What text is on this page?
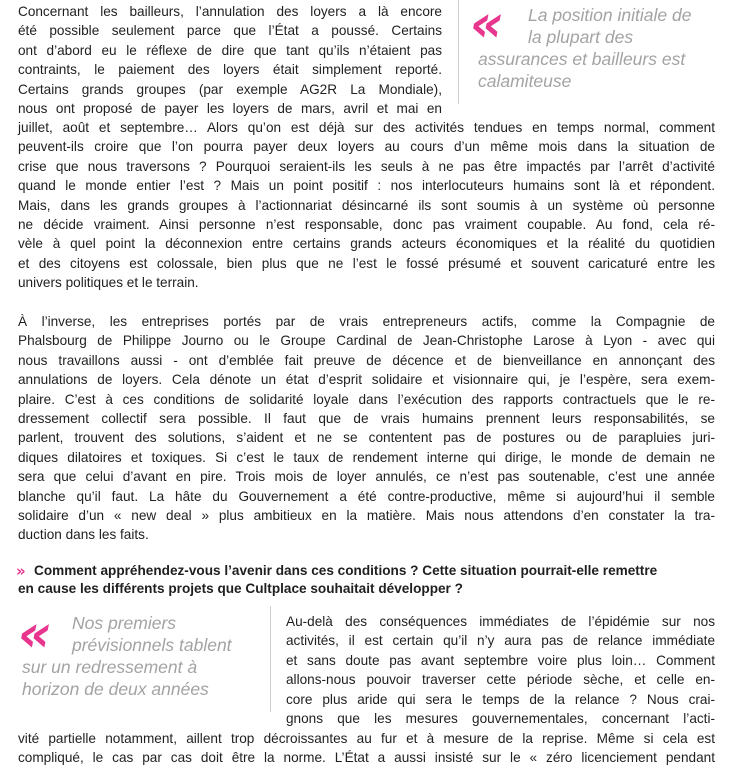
Concernant les bailleurs, l’annulation des loyers a là encore
été possible seulement parce que l’État a poussé. Certains
ont d’abord eu le réflexe de dire que tant qu’ils n’étaient pas
contraints, le paiement des loyers était simplement reporté.
Certains grands groupes (par exemple AG2R La Mondiale),
nous ont proposé de payer les loyers de mars, avril et mai en
juillet, août et septembre… Alors qu’on est déjà sur des activités tendues en temps normal, comment
peuvent-ils croire que l’on pourra payer deux loyers au cours d’un même mois dans la situation de
crise que nous traversons ? Pourquoi seraient-ils les seuls à ne pas être impactés par l’arrêt d’activité
quand le monde entier l’est ? Mais un point positif : nos interlocuteurs humains sont là et répondent.
Mais, dans les grands groupes à l’actionnariat désincarné ils sont soumis à un système où personne
ne décide vraiment. Ainsi personne n’est responsable, donc pas vraiment coupable. Au fond, cela ré-
vèle à quel point la déconnexion entre certains grands acteurs économiques et la réalité du quotidien
et des citoyens est colossale, bien plus que ne l’est le fossé présumé et souvent caricaturé entre les
univers politiques et le terrain.
« La position initiale de
la plupart des
assurances et bailleurs est
calamiteuse
À l’inverse, les entreprises portés par de vrais entrepreneurs actifs, comme la Compagnie de
Phalsbourg de Philippe Journo ou le Groupe Cardinal de Jean-Christophe Larose à Lyon - avec qui
nous travaillons aussi - ont d’emblée fait preuve de décence et de bienveillance en annonçant des
annulations de loyers. Cela dénote un état d’esprit solidaire et visionnaire qui, je l’espère, sera exem-
plaire. C’est à ces conditions de solidarité loyale dans l’exécution des rapports contractuels que le re-
dressement collectif sera possible. Il faut que de vrais humains prennent leurs responsabilités, se
parlent, trouvent des solutions, s’aident et ne se contentent pas de postures ou de parapluies juri-
diques dilatoires et toxiques. Si c’est le taux de rendement interne qui dirige, le monde de demain ne
sera que celui d’avant en pire. Trois mois de loyer annulés, ce n’est pas soutenable, c’est une année
blanche qu’il faut. La hâte du Gouvernement a été contre-productive, même si aujourd’hui il semble
solidaire d’un « new deal » plus ambitieux en la matière. Mais nous attendons d’en constater la tra-
duction dans les faits.
» Comment appréhendez-vous l’avenir dans ces conditions ? Cette situation pourrait-elle remettre
en cause les différents projets que Cultplace souhaitait développer ?
« Nos premiers
prévisionnels tablent
sur un redressement à
horizon de deux années
Au-delà des conséquences immédiates de l’épidémie sur nos
activités, il est certain qu’il n’y aura pas de relance immédiate
et sans doute pas avant septembre voire plus loin… Comment
allons-nous pouvoir traverser cette période sèche, et celle en-
core plus aride qui sera le temps de la relance ? Nous crai-
gnons que les mesures gouvernementales, concernant l’acti-
vité partielle notamment, aillent trop décroissantes au fur et à mesure de la reprise. Même si cela est
compliqué, le cas par cas doit être la norme. L’État a aussi insisté sur le « zéro licenciement pendant
